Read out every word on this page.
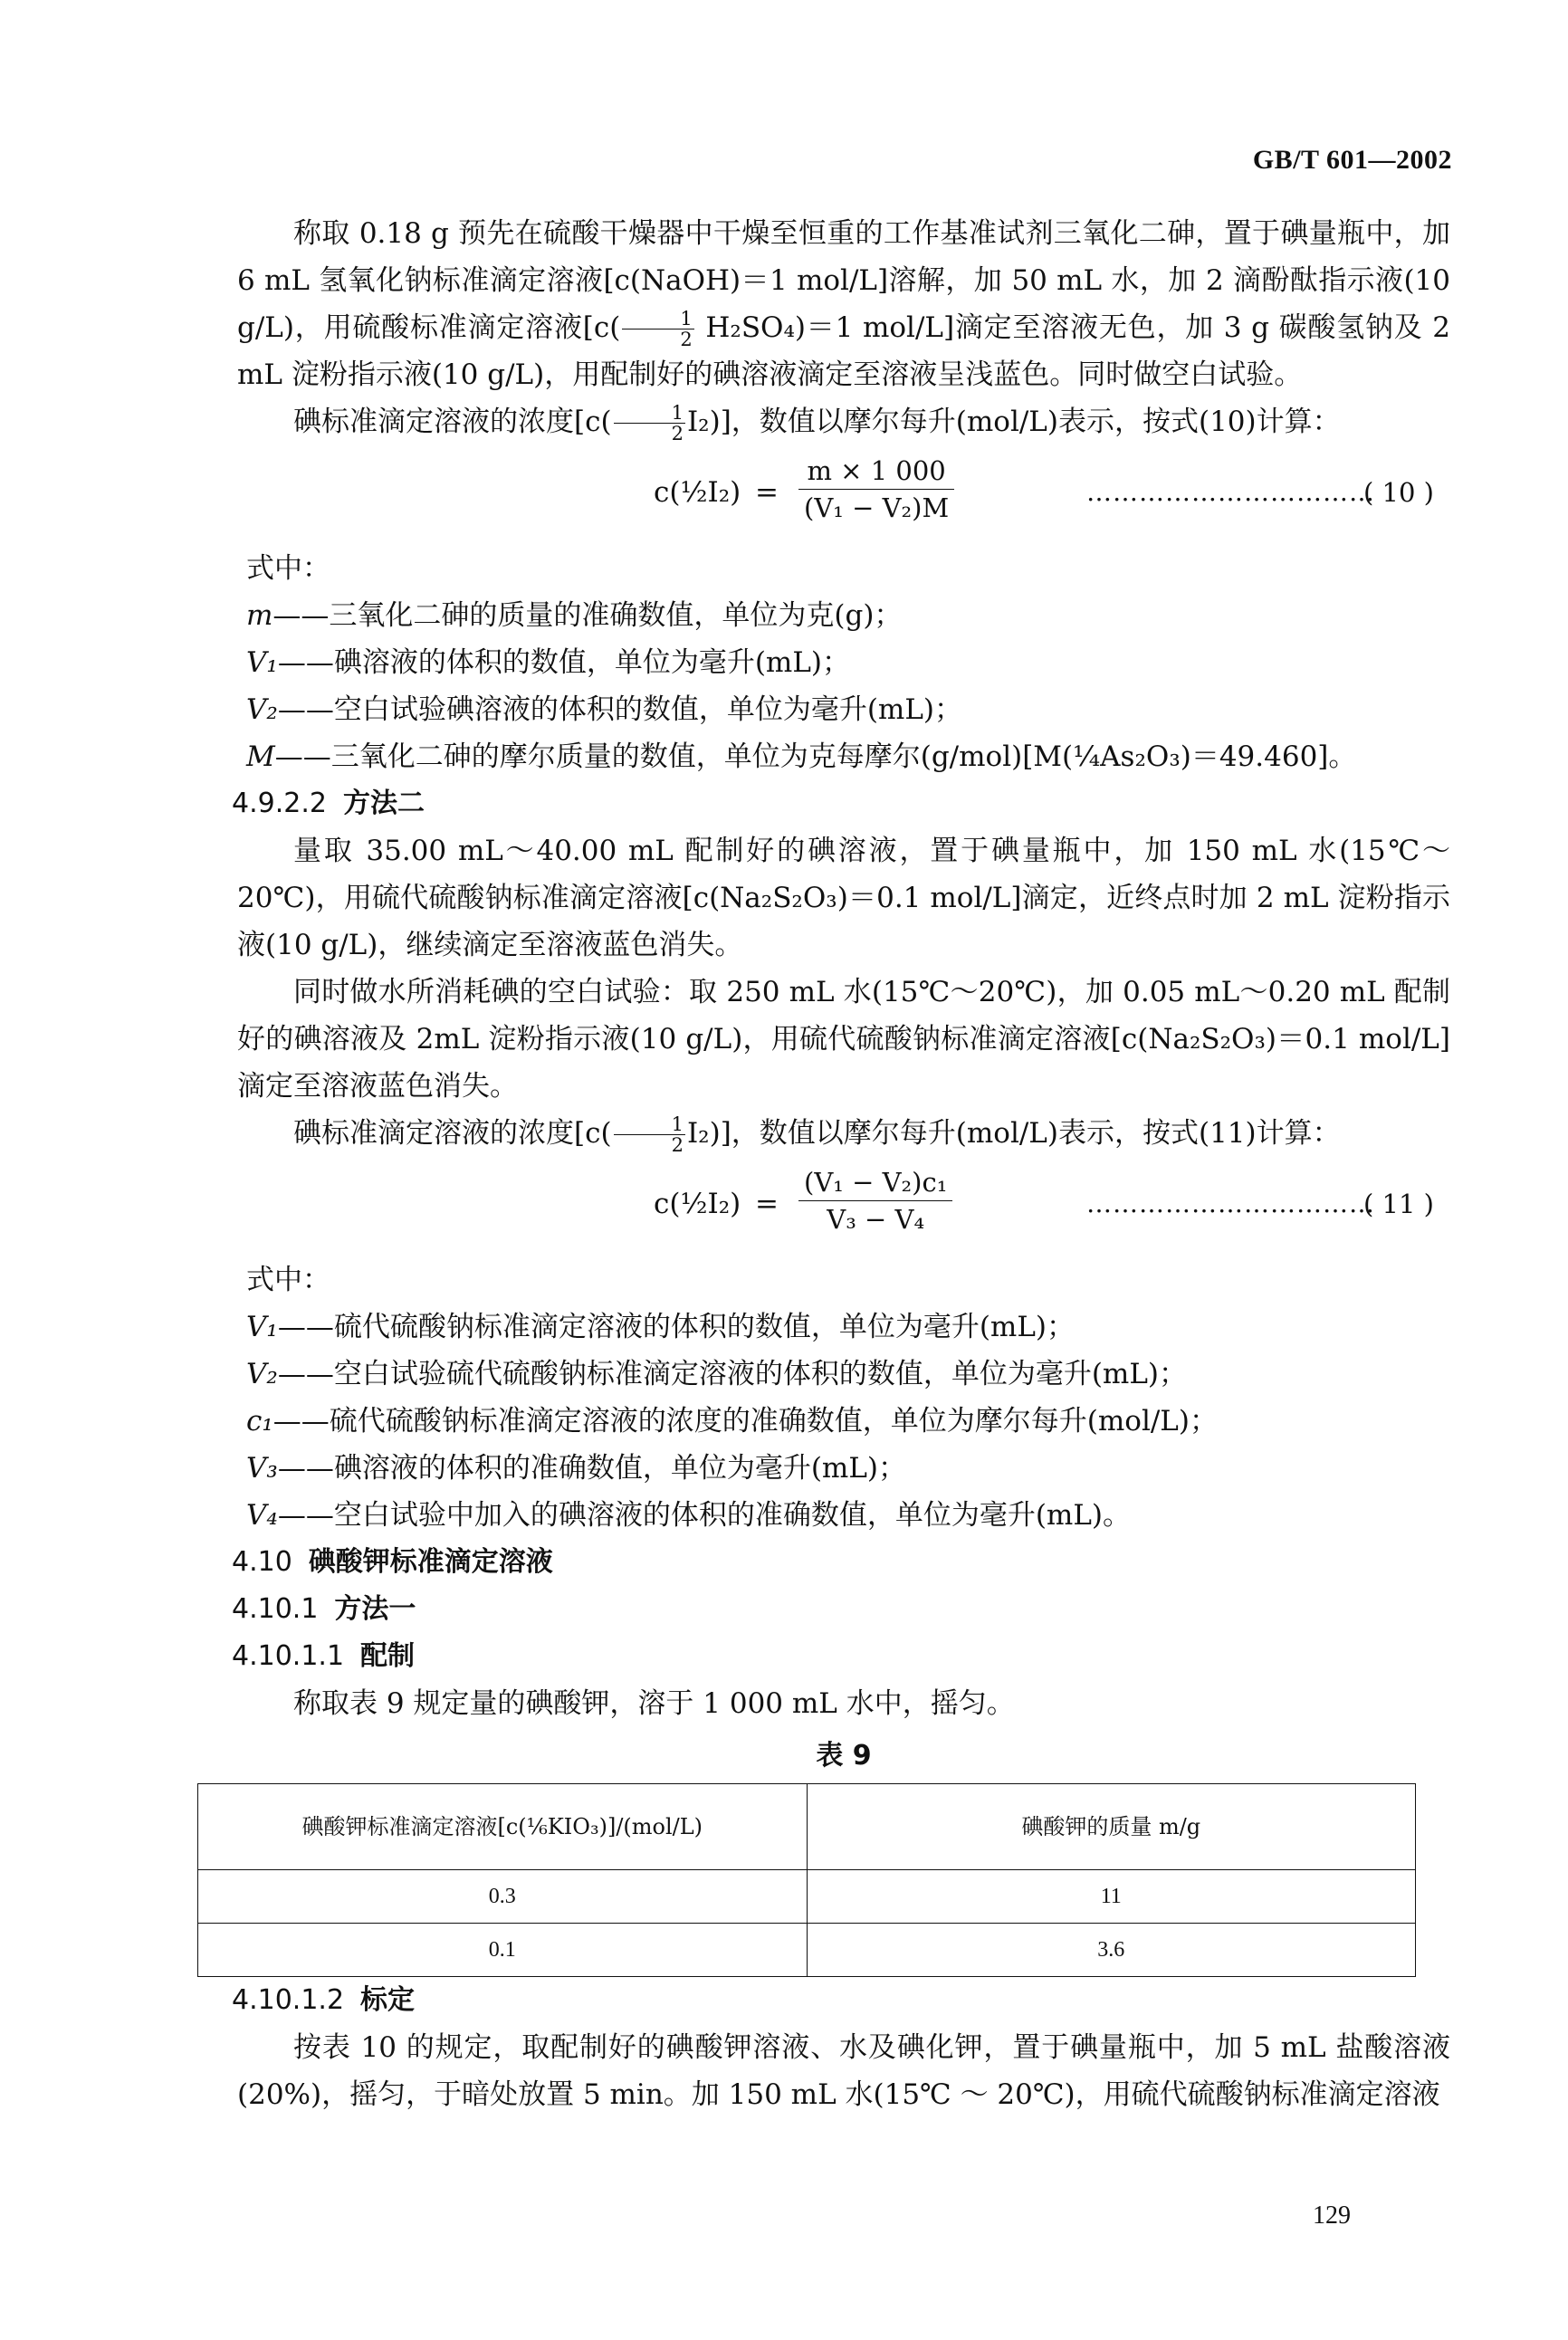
GB/T 601—2002

称取 0.18 g 预先在硫酸干燥器中干燥至恒重的工作基准试剂三氧化二砷，置于碘量瓶中，加 6 mL 氢氧化钠标准滴定溶液[c(NaOH)＝1 mol/L]溶解，加 50 mL 水，加 2 滴酚酞指示液(10 g/L)，用硫酸标准滴定溶液[$c( \frac{1}{2} H_2SO_4)=1$ mol/L]滴定至溶液无色，加 3 g 碳酸氢钠及 2 mL 淀粉指示液(10 g/L)，用配制好的碘溶液滴定至溶液呈浅蓝色。同时做空白试验。

碘标准滴定溶液的浓度$[c( \frac{1}{2} I_2)]$，数值以摩尔每升(mol/L)表示，按式(10)计算：

c(½I₂) = $\frac{m \times 1 000}{\text{(V₁ − V₂)M}}$	……………………………
( 10 )

式中：

m——三氧化二砷的质量的准确数值，单位为克(g)；

V₁——碘溶液的体积的数值，单位为毫升(mL)；

V₂——空白试验碘溶液的体积的数值，单位为毫升(mL)；

M——三氧化二砷的摩尔质量的数值，单位为克每摩尔(g/mol)[M(¼As₂O₃)＝49.460]。

4.9.2.2 方法二

量取 35.00 mL～40.00 mL 配制好的碘溶液，置于碘量瓶中，加 150 mL 水(15℃～20℃)，用硫代硫酸钠标准滴定溶液[c(Na₂S₂O₃)＝0.1 mol/L]滴定，近终点时加 2 mL 淀粉指示液(10 g/L)，继续滴定至溶液蓝色消失。

同时做水所消耗碘的空白试验：取 250 mL 水(15℃～20℃)，加 0.05 mL～0.20 mL 配制好的碘溶液及 2mL 淀粉指示液(10 g/L)，用硫代硫酸钠标准滴定溶液[c(Na₂S₂O₃)＝0.1 mol/L]滴定至溶液蓝色消失。

碘标准滴定溶液的浓度$[c( \frac{1}{2} I_2)]$，数值以摩尔每升(mol/L)表示，按式(11)计算：

c(½I₂) = $\frac{\text{(V₁ − V₂)c₁}}{\text{V₃ − V₄}}$	……………………………
( 11 )

式中：

V₁——硫代硫酸钠标准滴定溶液的体积的数值，单位为毫升(mL)；

V₂——空白试验硫代硫酸钠标准滴定溶液的体积的数值，单位为毫升(mL)；

c₁——硫代硫酸钠标准滴定溶液的浓度的准确数值，单位为摩尔每升(mol/L)；

V₃——碘溶液的体积的准确数值，单位为毫升(mL)；

V₄——空白试验中加入的碘溶液的体积的准确数值，单位为毫升(mL)。

4.10 碘酸钾标准滴定溶液

4.10.1 方法一

4.10.1.1 配制

称取表 9 规定量的碘酸钾，溶于 1 000 mL 水中，摇匀。

表 9
碘酸钾标准滴定溶液[c(⅙KIO₃)]/(mol/L)	碘酸钾的质量 m/g
0.3	11
0.1	3.6

4.10.1.2 标定

按表 10 的规定，取配制好的碘酸钾溶液、水及碘化钾，置于碘量瓶中，加 5 mL 盐酸溶液(20%)，摇匀，于暗处放置 5 min。加 150 mL 水(15℃ ～ 20℃)，用硫代硫酸钠标准滴定溶液

129
